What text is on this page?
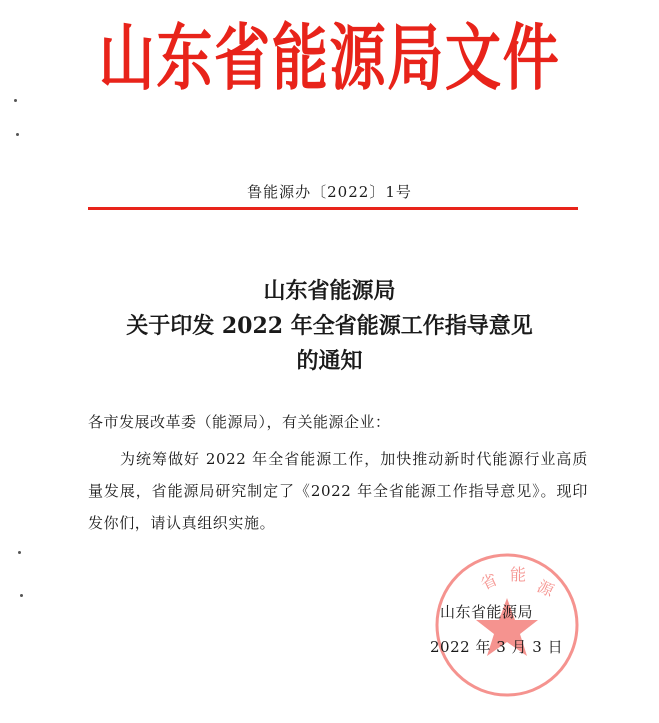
山东省能源局文件
鲁能源办〔2022〕1号
山东省能源局
关于印发 2022 年全省能源工作指导意见
的通知
各市发展改革委（能源局），有关能源企业：
为统筹做好 2022 年全省能源工作，加快推动新时代能源行业高质量发展，省能源局研究制定了《2022 年全省能源工作指导意见》。现印发你们，请认真组织实施。
省 能
源
山东省能源局
2022 年 3 月 3 日
